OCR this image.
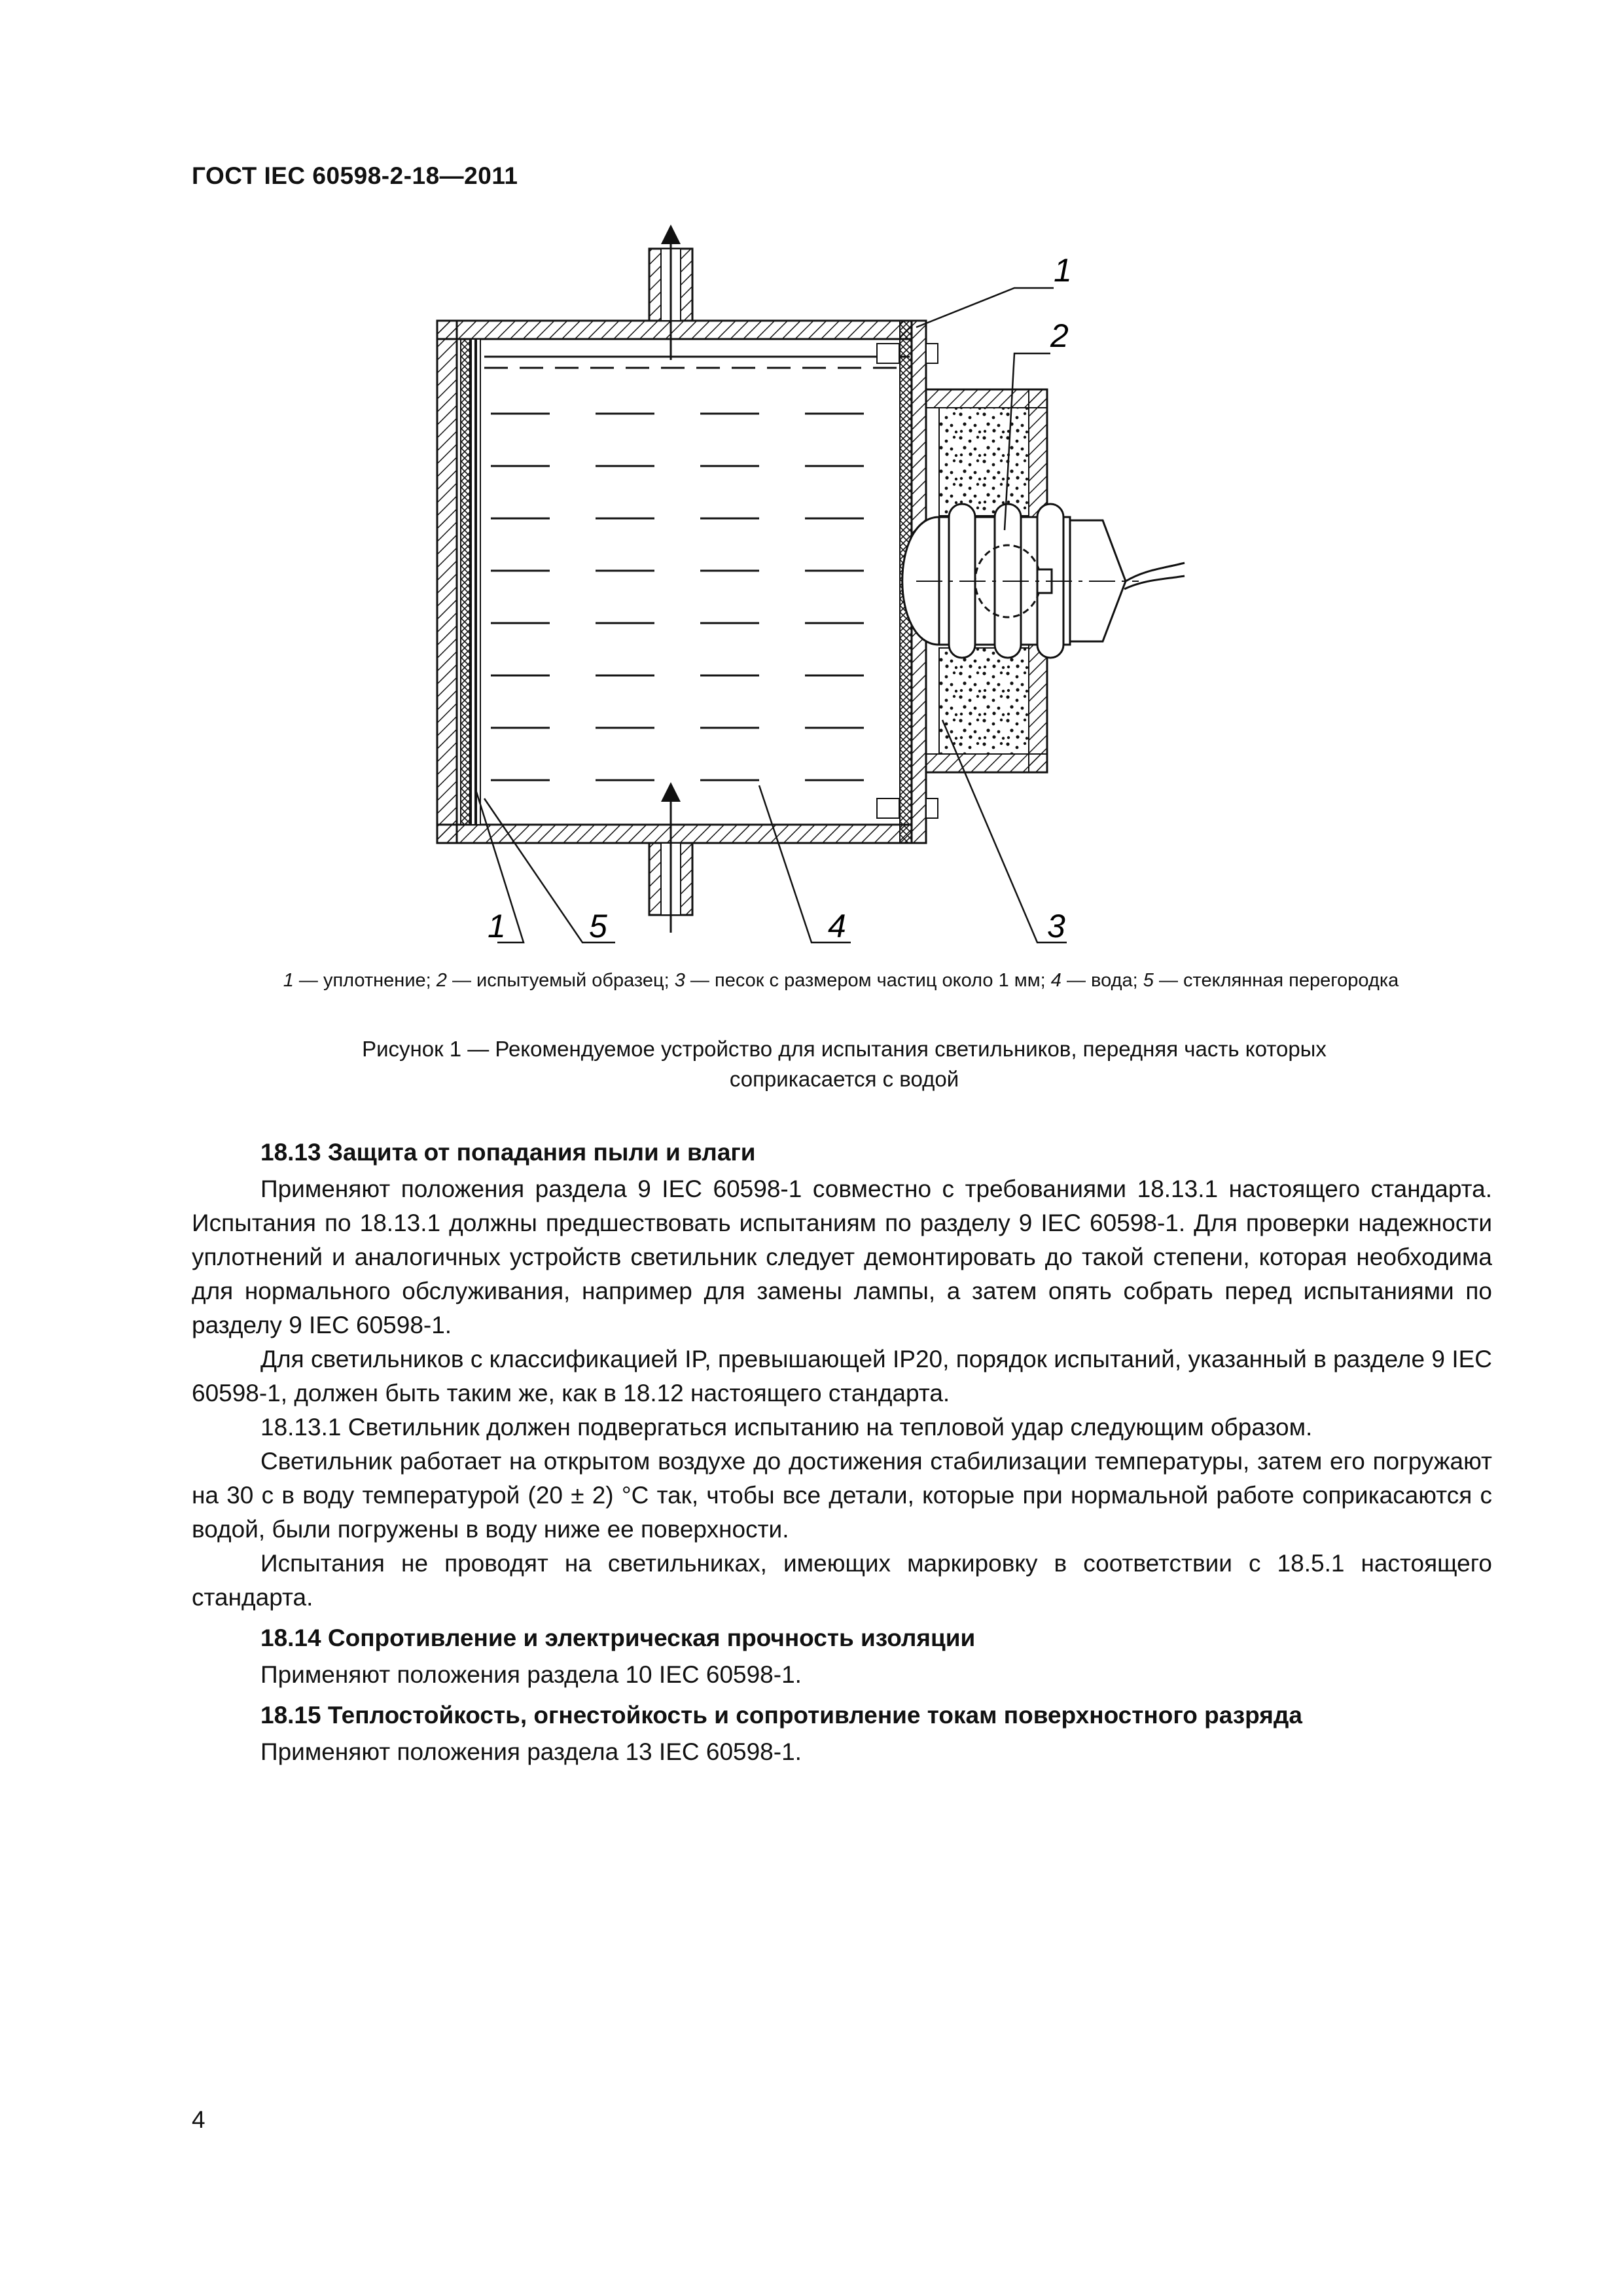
ГОСТ IEC 60598-2-18—2011
1
2
1	5	4	3
1 — уплотнение; 2 — испытуемый образец; 3 — песок с размером частиц около 1 мм; 4 — вода; 5 — стеклянная перегородка
Рисунок 1 — Рекомендуемое устройство для испытания светильников, передняя часть которых
соприкасается с водой
18.13 Защита от попадания пыли и влаги

Применяют положения раздела 9 IEC 60598-1 совместно с требованиями 18.13.1 настоящего стандарта. Испытания по 18.13.1 должны предшествовать испытаниям по разделу 9 IEC 60598-1. Для проверки надежности уплотнений и аналогичных устройств светильник следует демонтировать до такой степени, которая необходима для нормального обслуживания, например для замены лампы, а затем опять собрать перед испытаниями по разделу 9 IEC 60598-1.

Для светильников с классификацией IP, превышающей IP20, порядок испытаний, указанный в разделе 9 IEC 60598-1, должен быть таким же, как в 18.12 настоящего стандарта.

18.13.1 Светильник должен подвергаться испытанию на тепловой удар следующим образом.

Светильник работает на открытом воздухе до достижения стабилизации температуры, затем его погружают на 30 с в воду температурой (20 ± 2) °С так, чтобы все детали, которые при нормальной работе соприкасаются с водой, были погружены в воду ниже ее поверхности.

Испытания не проводят на светильниках, имеющих маркировку в соответствии с 18.5.1 настоящего стандарта.

18.14 Сопротивление и электрическая прочность изоляции

Применяют положения раздела 10 IEC 60598-1.

18.15 Теплостойкость, огнестойкость и сопротивление токам поверхностного разряда

Применяют положения раздела 13 IEC 60598-1.

4
